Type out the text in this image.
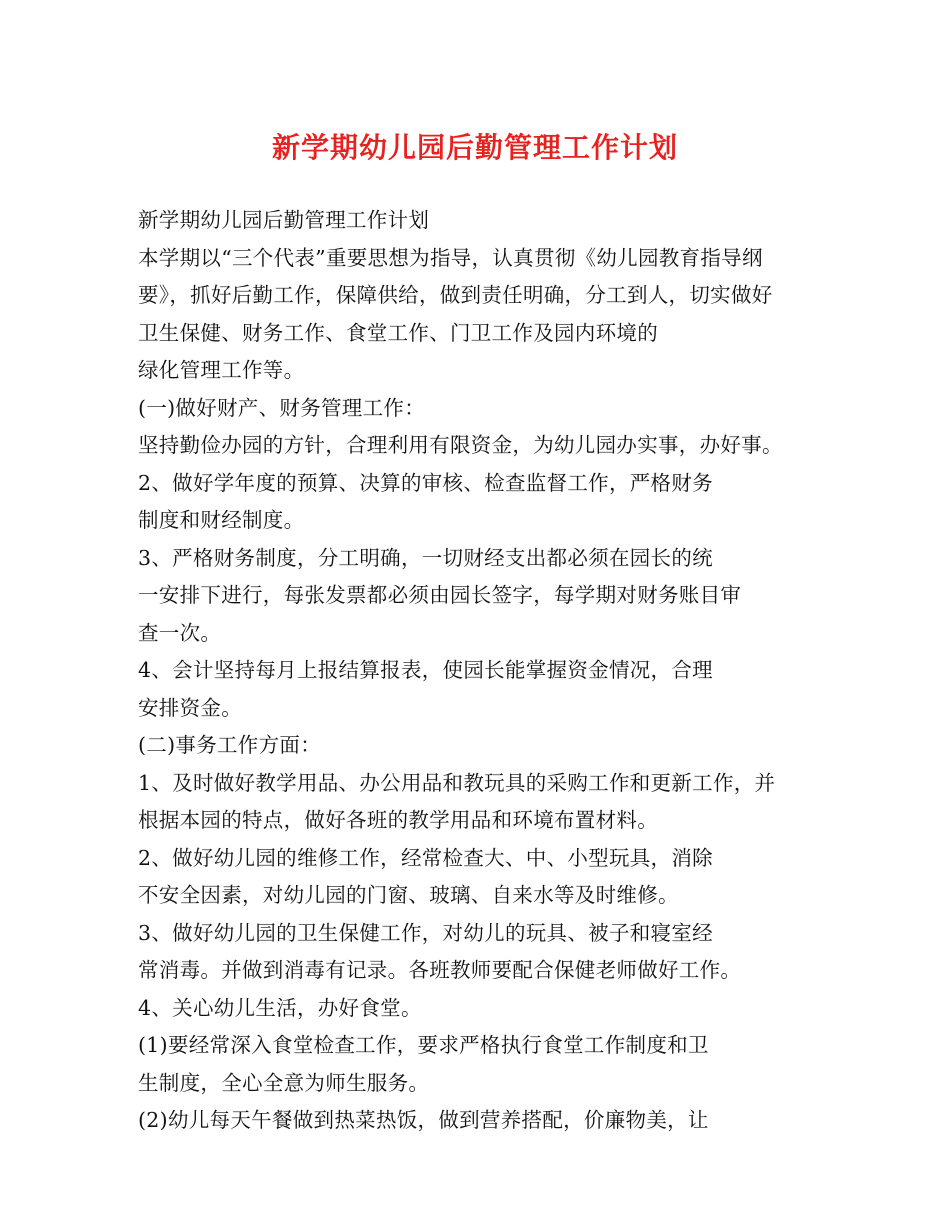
新学期幼儿园后勤管理工作计划
新学期幼儿园后勤管理工作计划
本学期以“三个代表”重要思想为指导，认真贯彻《幼儿园教育指导纲
要》，抓好后勤工作，保障供给，做到责任明确，分工到人，切实做好
卫生保健、财务工作、食堂工作、门卫工作及园内环境的
绿化管理工作等。
(一)做好财产、财务管理工作：
坚持勤俭办园的方针，合理利用有限资金，为幼儿园办实事，办好事。
2、做好学年度的预算、决算的审核、检查监督工作，严格财务
制度和财经制度。
3、严格财务制度，分工明确，一切财经支出都必须在园长的统
一安排下进行，每张发票都必须由园长签字，每学期对财务账目审
查一次。
4、会计坚持每月上报结算报表，使园长能掌握资金情况，合理
安排资金。
(二)事务工作方面：
1、及时做好教学用品、办公用品和教玩具的采购工作和更新工作，并
根据本园的特点，做好各班的教学用品和环境布置材料。
2、做好幼儿园的维修工作，经常检查大、中、小型玩具，消除
不安全因素，对幼儿园的门窗、玻璃、自来水等及时维修。
3、做好幼儿园的卫生保健工作，对幼儿的玩具、被子和寝室经
常消毒。并做到消毒有记录。各班教师要配合保健老师做好工作。
4、关心幼儿生活，办好食堂。
(1)要经常深入食堂检查工作，要求严格执行食堂工作制度和卫
生制度，全心全意为师生服务。
(2)幼儿每天午餐做到热菜热饭，做到营养搭配，价廉物美，让
